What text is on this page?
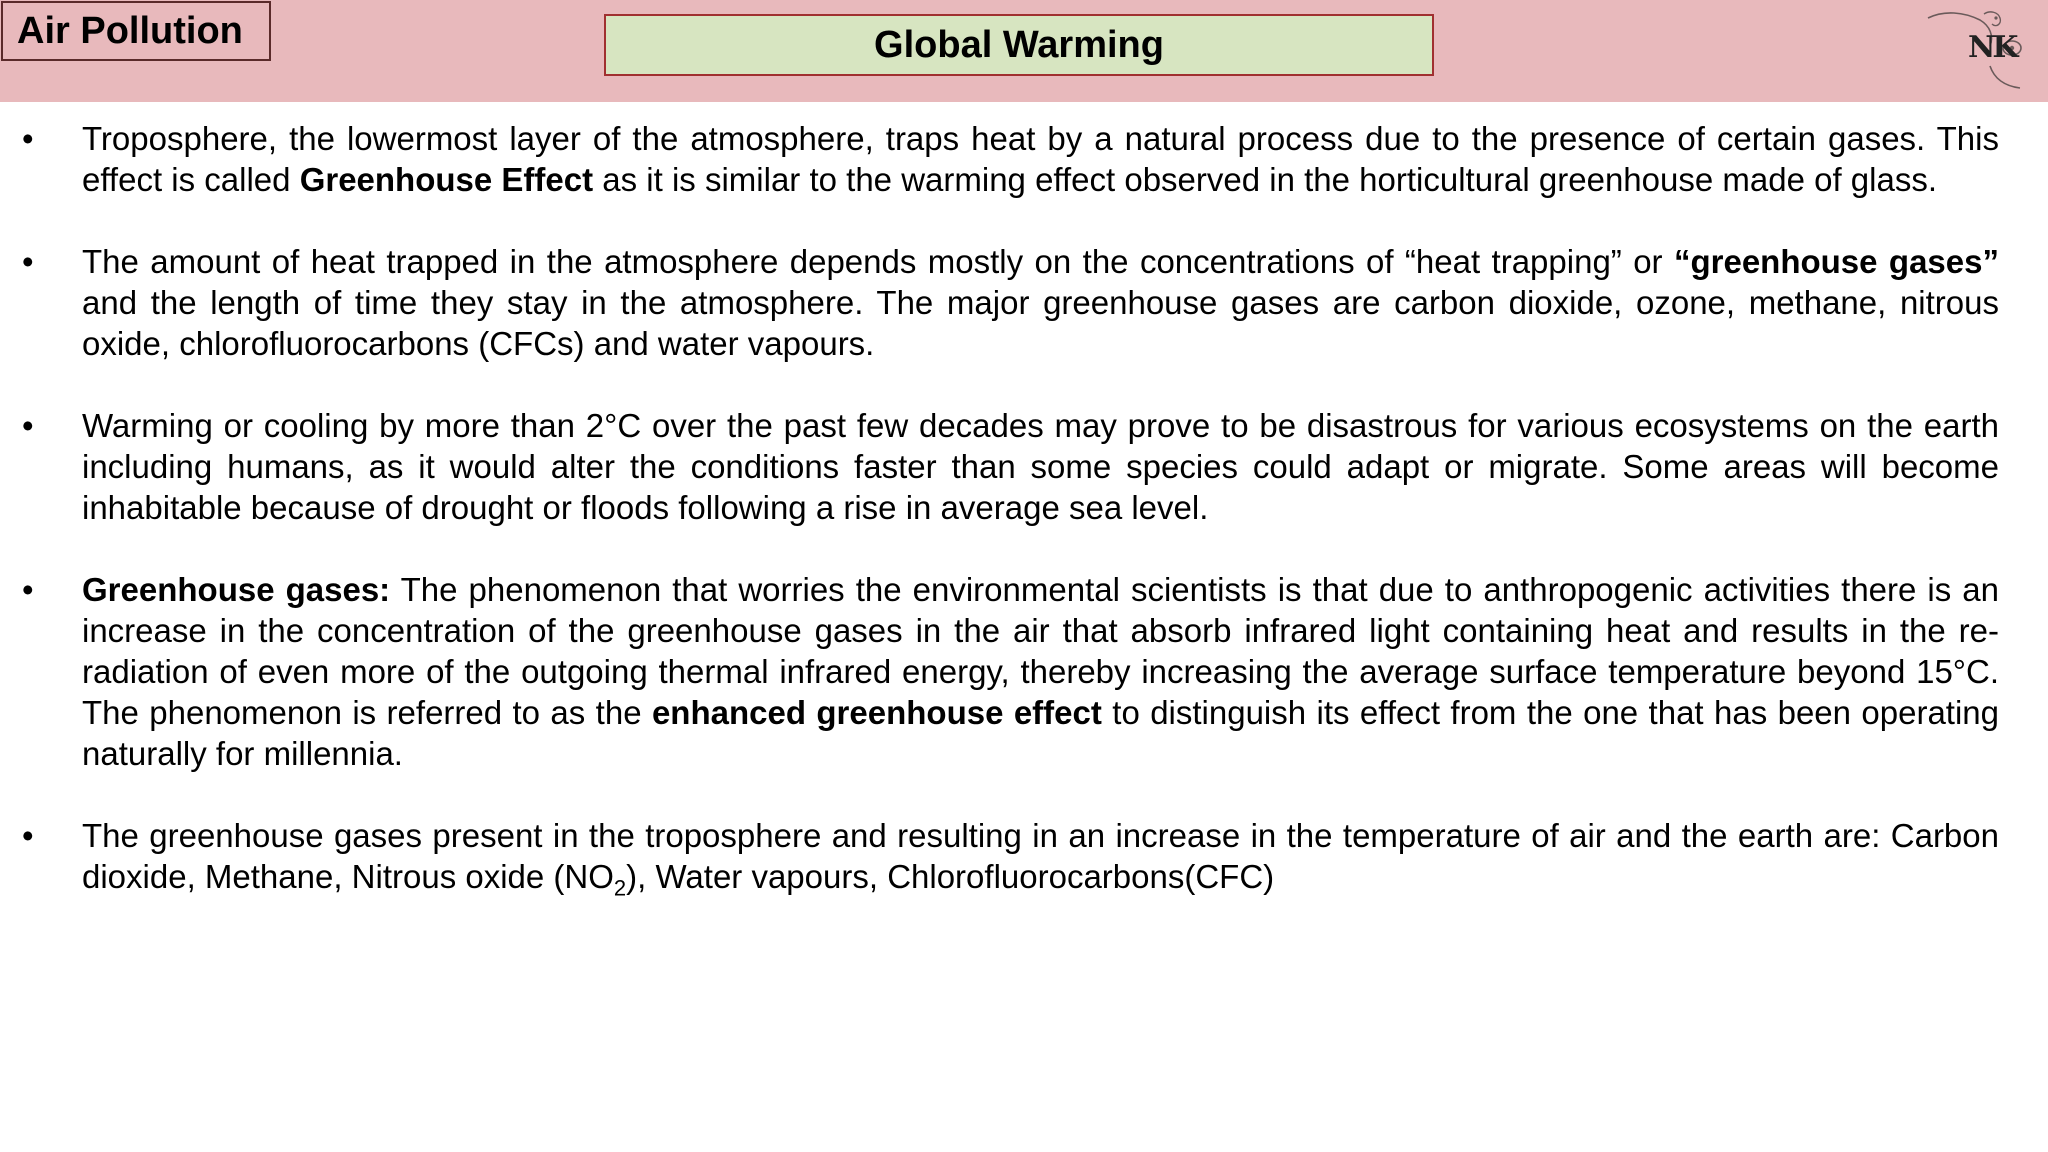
Air Pollution	Global Warming	NK
• Troposphere, the lowermost layer of the atmosphere, traps heat by a natural process due to the presence of certain gases. This effect is called Greenhouse Effect as it is similar to the warming effect observed in the horticultural greenhouse made of glass.
• The amount of heat trapped in the atmosphere depends mostly on the concentrations of “heat trapping” or “greenhouse gases” and the length of time they stay in the atmosphere. The major greenhouse gases are carbon dioxide, ozone, methane, nitrous oxide, chlorofluorocarbons (CFCs) and water vapours.
• Warming or cooling by more than 2°C over the past few decades may prove to be disastrous for various ecosystems on the earth including humans, as it would alter the conditions faster than some species could adapt or migrate. Some areas will become inhabitable because of drought or floods following a rise in average sea level.
• Greenhouse gases: The phenomenon that worries the environmental scientists is that due to anthropogenic activities there is an increase in the concentration of the greenhouse gases in the air that absorb infrared light containing heat and results in the re-radiation of even more of the outgoing thermal infrared energy, thereby increasing the average surface temperature beyond 15°C. The phenomenon is referred to as the enhanced greenhouse effect to distinguish its effect from the one that has been operating naturally for millennia.
• The greenhouse gases present in the troposphere and resulting in an increase in the temperature of air and the earth are: Carbon dioxide, Methane, Nitrous oxide $(NO_2)$, Water vapours, Chlorofluorocarbons(CFC)
